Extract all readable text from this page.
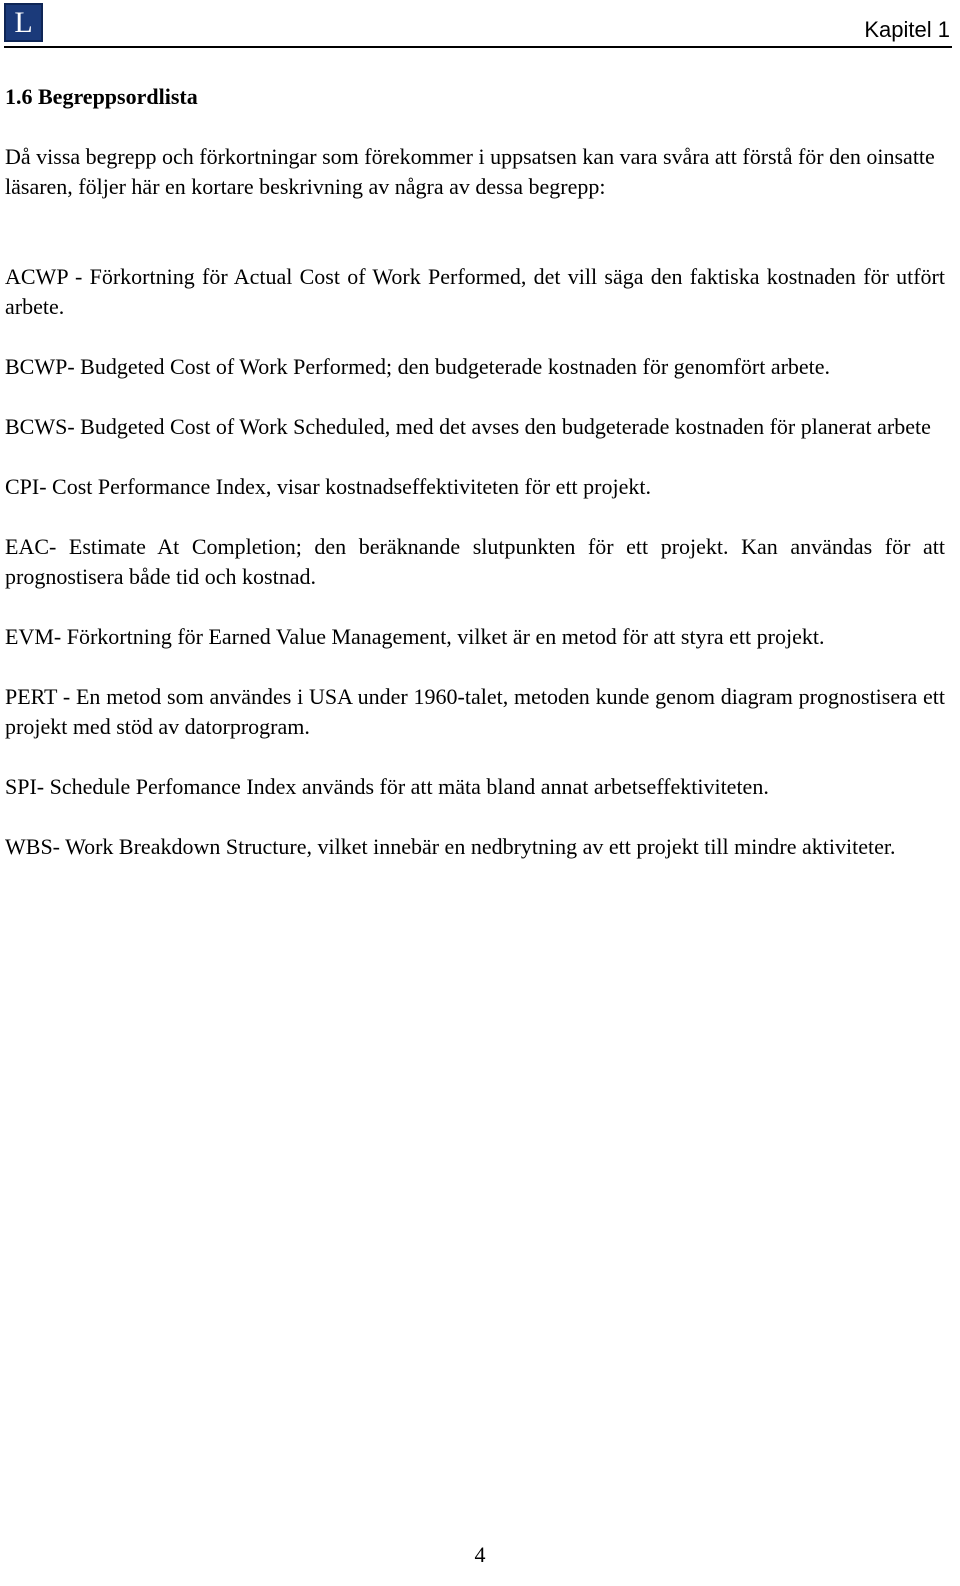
L	Kapitel 1

1.6 Begreppsordlista

Då vissa begrepp och förkortningar som förekommer i uppsatsen kan vara svåra att förstå för den oinsatte läsaren, följer här en kortare beskrivning av några av dessa begrepp:

ACWP - Förkortning för Actual Cost of Work Performed, det vill säga den faktiska kostnaden för utfört arbete.

BCWP- Budgeted Cost of Work Performed; den budgeterade kostnaden för genomfört arbete.

BCWS- Budgeted Cost of Work Scheduled, med det avses den budgeterade kostnaden för planerat arbete

CPI- Cost Performance Index, visar kostnadseffektiviteten för ett projekt.

EAC- Estimate At Completion; den beräknande slutpunkten för ett projekt. Kan användas för att prognostisera både tid och kostnad.

EVM- Förkortning för Earned Value Management, vilket är en metod för att styra ett projekt.

PERT - En metod som användes i USA under 1960-talet, metoden kunde genom diagram prognostisera ett projekt med stöd av datorprogram.

SPI- Schedule Perfomance Index används för att mäta bland annat arbetseffektiviteten.

WBS- Work Breakdown Structure, vilket innebär en nedbrytning av ett projekt till mindre aktiviteter.

4
